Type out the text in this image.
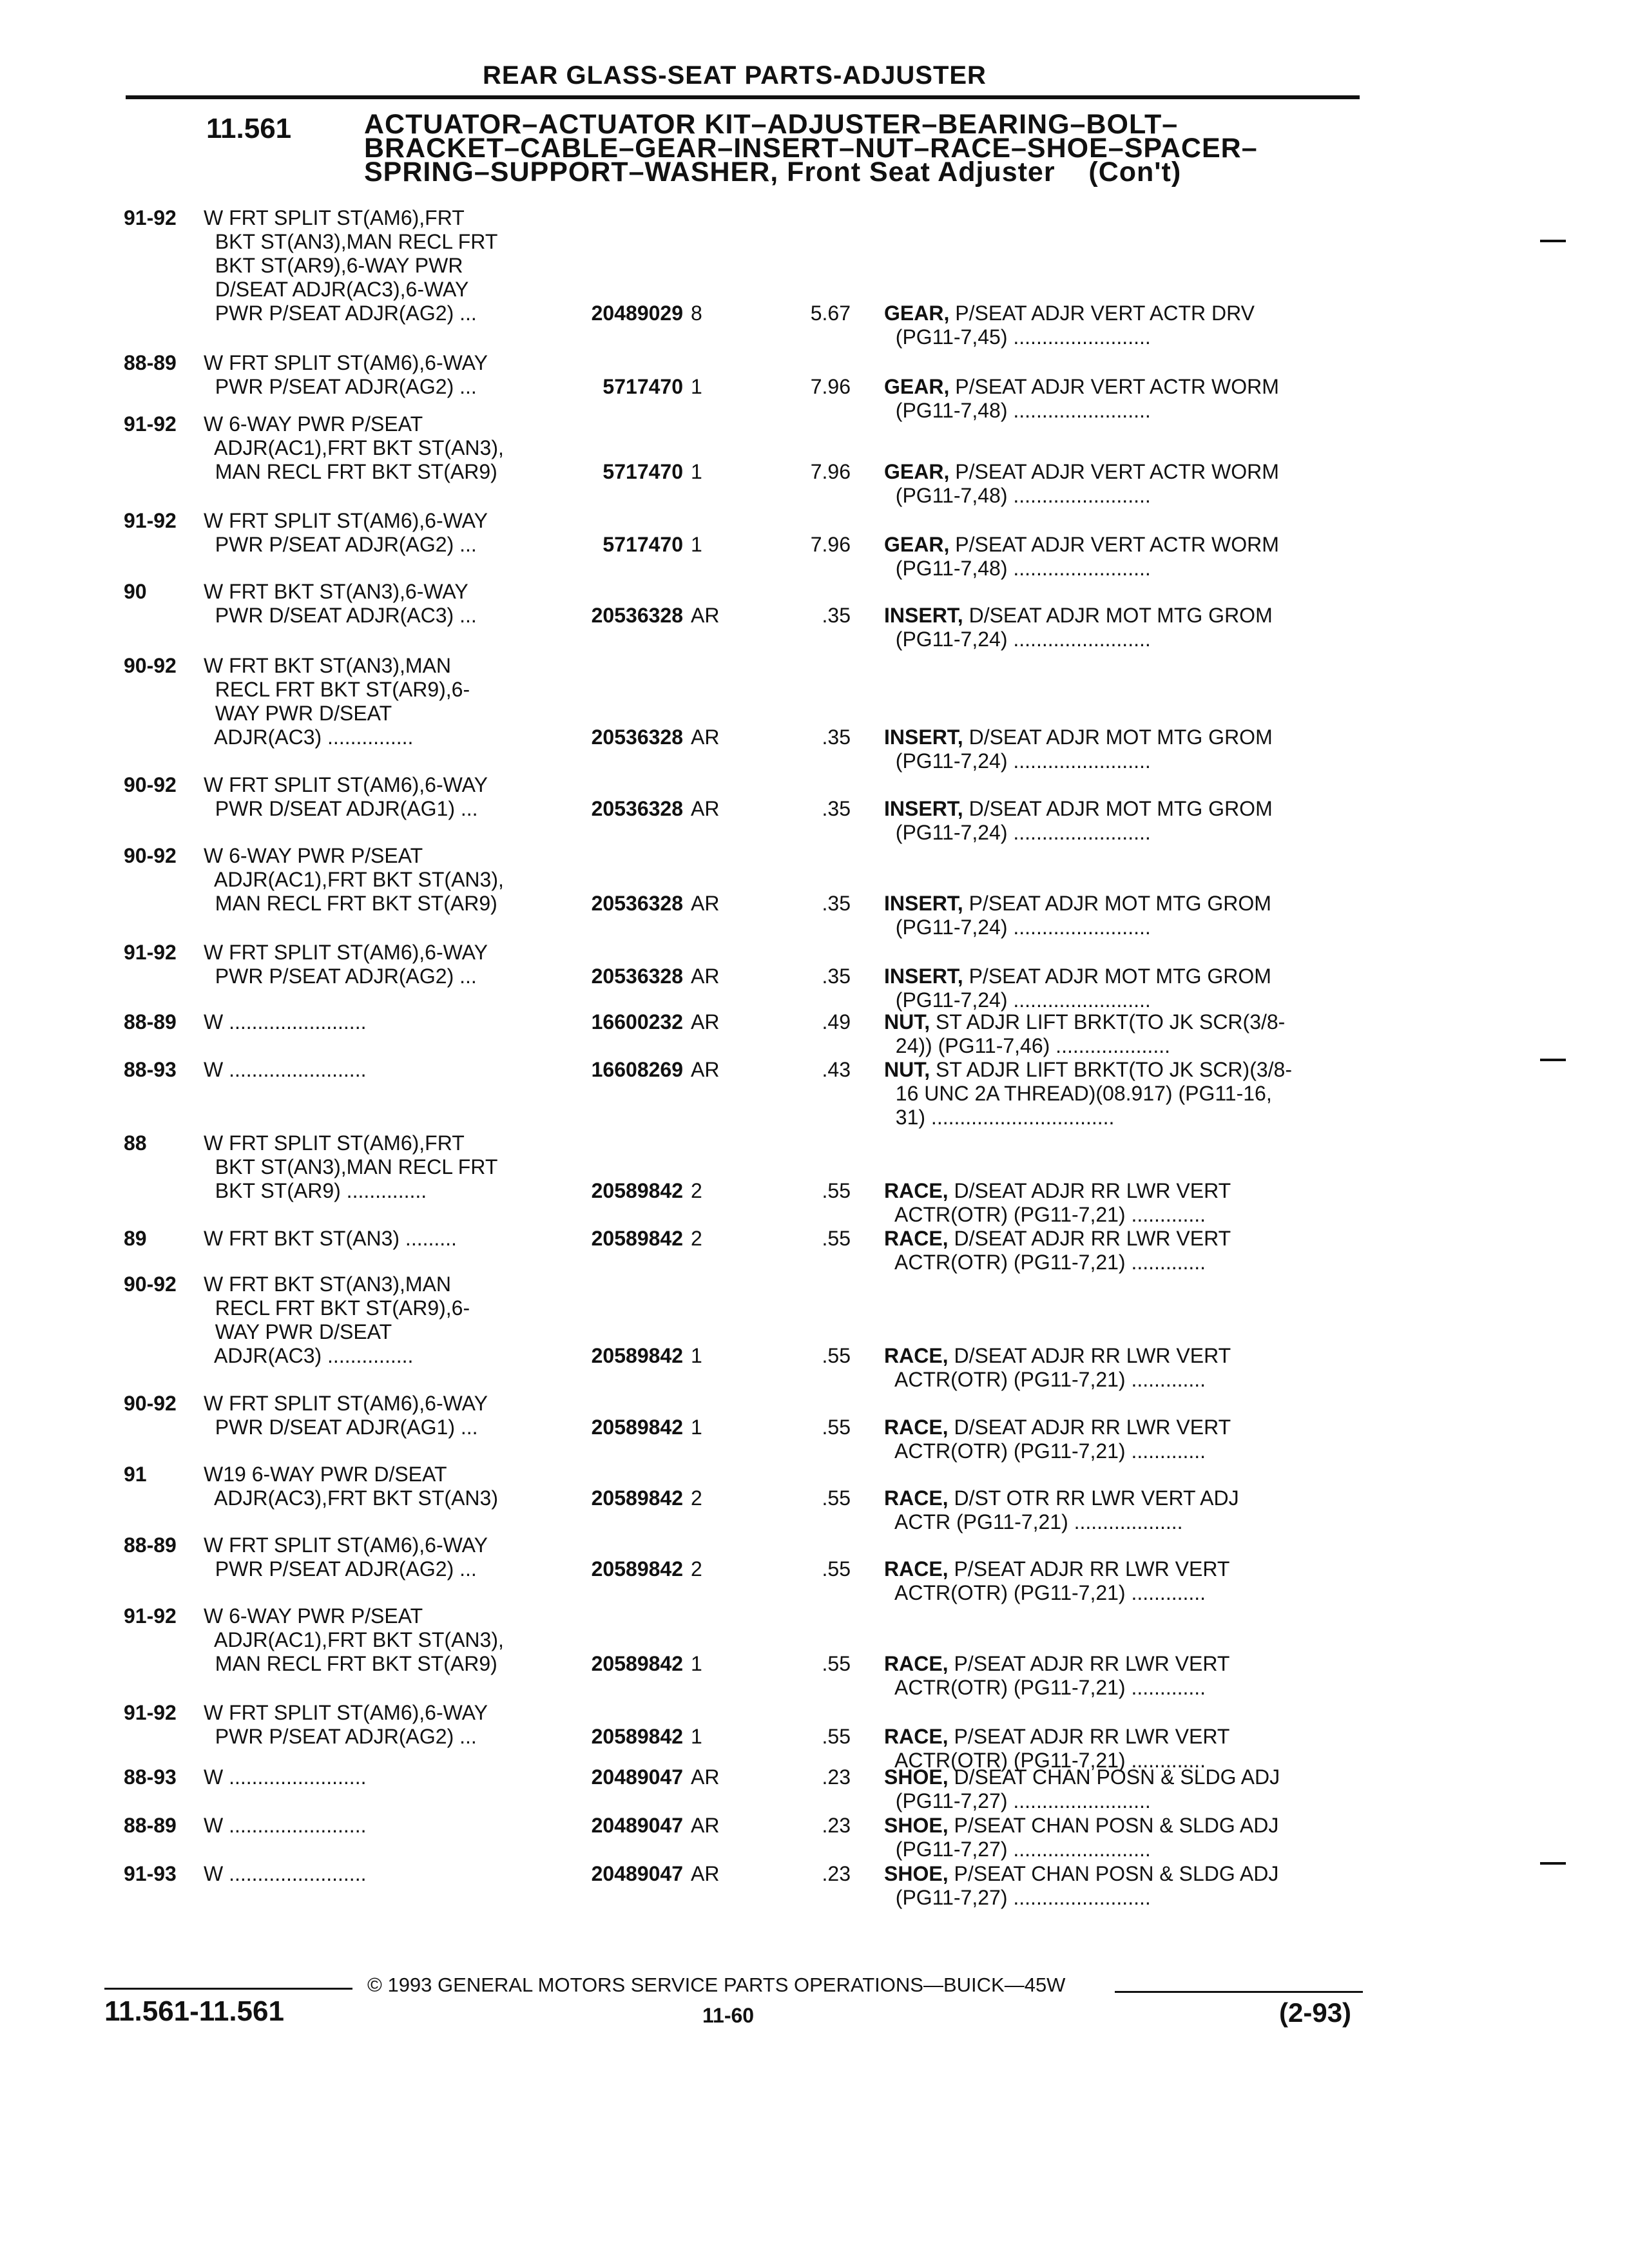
REAR GLASS-SEAT PARTS-ADJUSTER
11.561	ACTUATOR–ACTUATOR KIT–ADJUSTER–BEARING–BOLT–
BRACKET–CABLE–GEAR–INSERT–NUT–RACE–SHOE–SPACER–
SPRING–SUPPORT–WASHER, Front Seat Adjuster (Con't)
91-92 W FRT SPLIT ST(AM6),FRT
BKT ST(AN3),MAN RECL FRT
BKT ST(AR9),6-WAY PWR
D/SEAT ADJR(AC3),6-WAY
PWR P/SEAT ADJR(AG2) ...	20489029 8	5.67 GEAR, P/SEAT ADJR VERT ACTR DRV
(PG11-7,45) ........................
88-89 W FRT SPLIT ST(AM6),6-WAY
PWR P/SEAT ADJR(AG2) ...	5717470 1	7.96 GEAR, P/SEAT ADJR VERT ACTR WORM
(PG11-7,48) ........................
91-92 W 6-WAY PWR P/SEAT
ADJR(AC1),FRT BKT ST(AN3),
MAN RECL FRT BKT ST(AR9)	5717470 1	7.96 GEAR, P/SEAT ADJR VERT ACTR WORM
(PG11-7,48) ........................
91-92 W FRT SPLIT ST(AM6),6-WAY
PWR P/SEAT ADJR(AG2) ...	5717470 1	7.96 GEAR, P/SEAT ADJR VERT ACTR WORM
(PG11-7,48) ........................
90	W FRT BKT ST(AN3),6-WAY
PWR D/SEAT ADJR(AC3) ...	20536328 AR	.35 INSERT, D/SEAT ADJR MOT MTG GROM
(PG11-7,24) ........................
90-92 W FRT BKT ST(AN3),MAN
RECL FRT BKT ST(AR9),6-
WAY PWR D/SEAT
ADJR(AC3) ...............	20536328 AR	.35 INSERT, D/SEAT ADJR MOT MTG GROM
(PG11-7,24) ........................
90-92 W FRT SPLIT ST(AM6),6-WAY
PWR D/SEAT ADJR(AG1) ...	20536328 AR	.35 INSERT, D/SEAT ADJR MOT MTG GROM
(PG11-7,24) ........................
90-92 W 6-WAY PWR P/SEAT
ADJR(AC1),FRT BKT ST(AN3),
MAN RECL FRT BKT ST(AR9)	20536328 AR	.35 INSERT, P/SEAT ADJR MOT MTG GROM
(PG11-7,24) ........................
91-92 W FRT SPLIT ST(AM6),6-WAY
PWR P/SEAT ADJR(AG2) ...	20536328 AR	.35 INSERT, P/SEAT ADJR MOT MTG GROM
(PG11-7,24) ........................
88-89 W ........................	16600232 AR	.49 NUT, ST ADJR LIFT BRKT(TO JK SCR(3/8-
24)) (PG11-7,46) ....................
88-93 W ........................	16608269 AR	.43 NUT, ST ADJR LIFT BRKT(TO JK SCR)(3/8-
16 UNC 2A THREAD)(08.917) (PG11-16,
31) ................................
88	W FRT SPLIT ST(AM6),FRT
BKT ST(AN3),MAN RECL FRT
BKT ST(AR9) ..............	20589842 2	.55 RACE, D/SEAT ADJR RR LWR VERT
ACTR(OTR) (PG11-7,21) .............
89	W FRT BKT ST(AN3) .........	20589842 2	.55 RACE, D/SEAT ADJR RR LWR VERT
ACTR(OTR) (PG11-7,21) .............
90-92 W FRT BKT ST(AN3),MAN
RECL FRT BKT ST(AR9),6-
WAY PWR D/SEAT
ADJR(AC3) ...............	20589842 1	.55 RACE, D/SEAT ADJR RR LWR VERT
ACTR(OTR) (PG11-7,21) .............
90-92 W FRT SPLIT ST(AM6),6-WAY
PWR D/SEAT ADJR(AG1) ...	20589842 1	.55 RACE, D/SEAT ADJR RR LWR VERT
ACTR(OTR) (PG11-7,21) .............
91	W19 6-WAY PWR D/SEAT
ADJR(AC3),FRT BKT ST(AN3)	20589842 2	.55 RACE, D/ST OTR RR LWR VERT ADJ
ACTR (PG11-7,21) ...................
88-89 W FRT SPLIT ST(AM6),6-WAY
PWR P/SEAT ADJR(AG2) ...	20589842 2	.55 RACE, P/SEAT ADJR RR LWR VERT
ACTR(OTR) (PG11-7,21) .............
91-92 W 6-WAY PWR P/SEAT
ADJR(AC1),FRT BKT ST(AN3),
MAN RECL FRT BKT ST(AR9)	20589842 1	.55 RACE, P/SEAT ADJR RR LWR VERT
ACTR(OTR) (PG11-7,21) .............
91-92 W FRT SPLIT ST(AM6),6-WAY
PWR P/SEAT ADJR(AG2) ...	20589842 1	.55 RACE, P/SEAT ADJR RR LWR VERT
ACTR(OTR) (PG11-7,21) .............
88-93 W ........................	20489047 AR	.23 SHOE, D/SEAT CHAN POSN & SLDG ADJ
(PG11-7,27) ........................
88-89 W ........................	20489047 AR	.23 SHOE, P/SEAT CHAN POSN & SLDG ADJ
(PG11-7,27) ........................
91-93 W ........................	20489047 AR	.23 SHOE, P/SEAT CHAN POSN & SLDG ADJ
(PG11-7,27) ........................
© 1993 GENERAL MOTORS SERVICE PARTS OPERATIONS—BUICK—45W
11.561-11.561	11-60	(2-93)
